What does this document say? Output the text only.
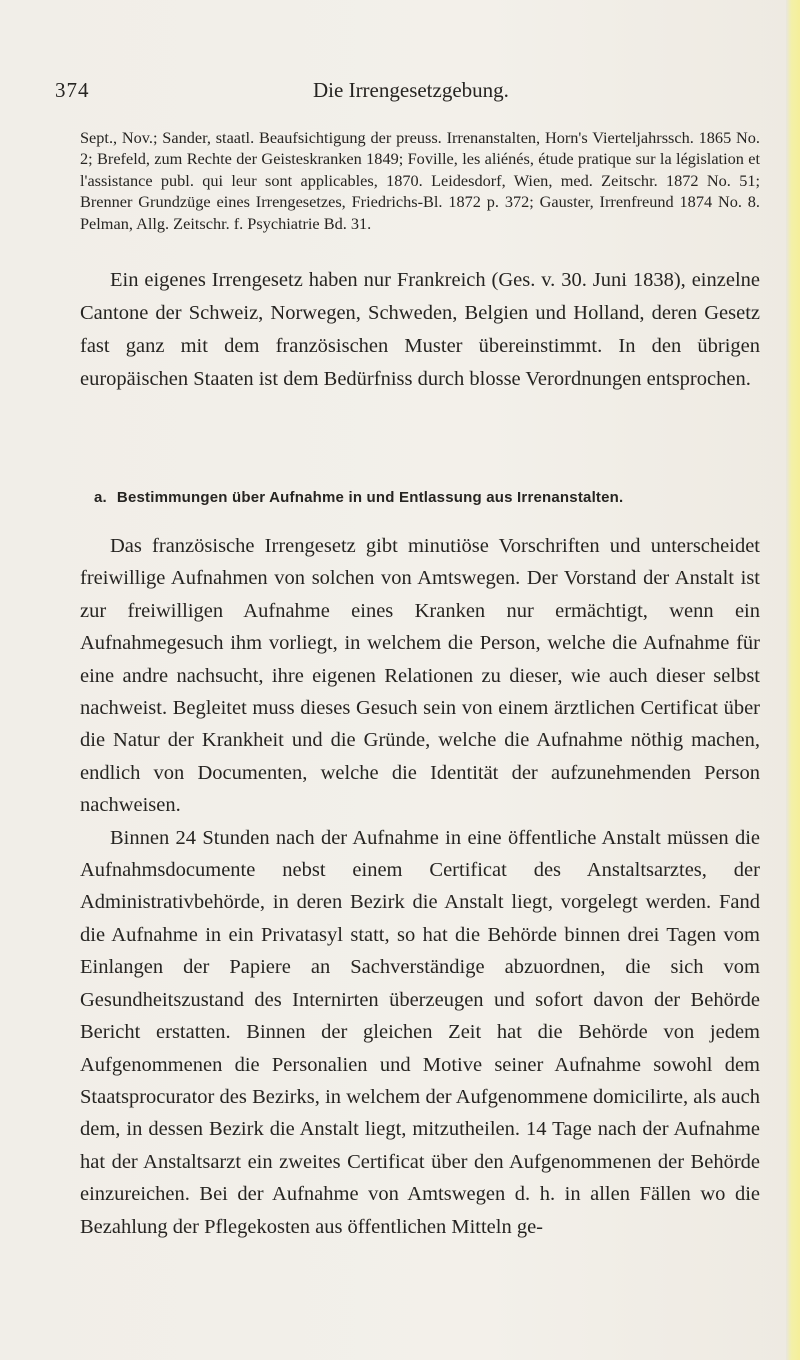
374	Die Irrengesetzgebung.

Sept., Nov.; Sander, staatl. Beaufsichtigung der preuss. Irrenanstalten, Horn's Vierteljahrssch. 1865 No. 2; Brefeld, zum Rechte der Geisteskranken 1849; Foville, les aliénés, étude pratique sur la législation et l'assistance publ. qui leur sont applicables, 1870. Leidesdorf, Wien, med. Zeitschr. 1872 No. 51; Brenner Grundzüge eines Irrengesetzes, Friedrichs-Bl. 1872 p. 372; Gauster, Irrenfreund 1874 No. 8. Pelman, Allg. Zeitschr. f. Psychiatrie Bd. 31.

Ein eigenes Irrengesetz haben nur Frankreich (Ges. v. 30. Juni 1838), einzelne Cantone der Schweiz, Norwegen, Schweden, Belgien und Holland, deren Gesetz fast ganz mit dem französischen Muster übereinstimmt. In den übrigen europäischen Staaten ist dem Bedürfniss durch blosse Verordnungen entsprochen.

a. Bestimmungen über Aufnahme in und Entlassung aus Irrenanstalten.

Das französische Irrengesetz gibt minutiöse Vorschriften und unterscheidet freiwillige Aufnahmen von solchen von Amtswegen. Der Vorstand der Anstalt ist zur freiwilligen Aufnahme eines Kranken nur ermächtigt, wenn ein Aufnahmegesuch ihm vorliegt, in welchem die Person, welche die Aufnahme für eine andre nachsucht, ihre eigenen Relationen zu dieser, wie auch dieser selbst nachweist. Begleitet muss dieses Gesuch sein von einem ärztlichen Certificat über die Natur der Krankheit und die Gründe, welche die Aufnahme nöthig machen, endlich von Documenten, welche die Identität der aufzunehmenden Person nachweisen.

Binnen 24 Stunden nach der Aufnahme in eine öffentliche Anstalt müssen die Aufnahmsdocumente nebst einem Certificat des Anstaltsarztes, der Administrativbehörde, in deren Bezirk die Anstalt liegt, vorgelegt werden. Fand die Aufnahme in ein Privatasyl statt, so hat die Behörde binnen drei Tagen vom Einlangen der Papiere an Sachverständige abzuordnen, die sich vom Gesundheitszustand des Internirten überzeugen und sofort davon der Behörde Bericht erstatten. Binnen der gleichen Zeit hat die Behörde von jedem Aufgenommenen die Personalien und Motive seiner Aufnahme sowohl dem Staatsprocurator des Bezirks, in welchem der Aufgenommene domicilirte, als auch dem, in dessen Bezirk die Anstalt liegt, mitzutheilen. 14 Tage nach der Aufnahme hat der Anstaltsarzt ein zweites Certificat über den Aufgenommenen der Behörde einzureichen. Bei der Aufnahme von Amtswegen d. h. in allen Fällen wo die Bezahlung der Pflegekosten aus öffentlichen Mitteln ge-
